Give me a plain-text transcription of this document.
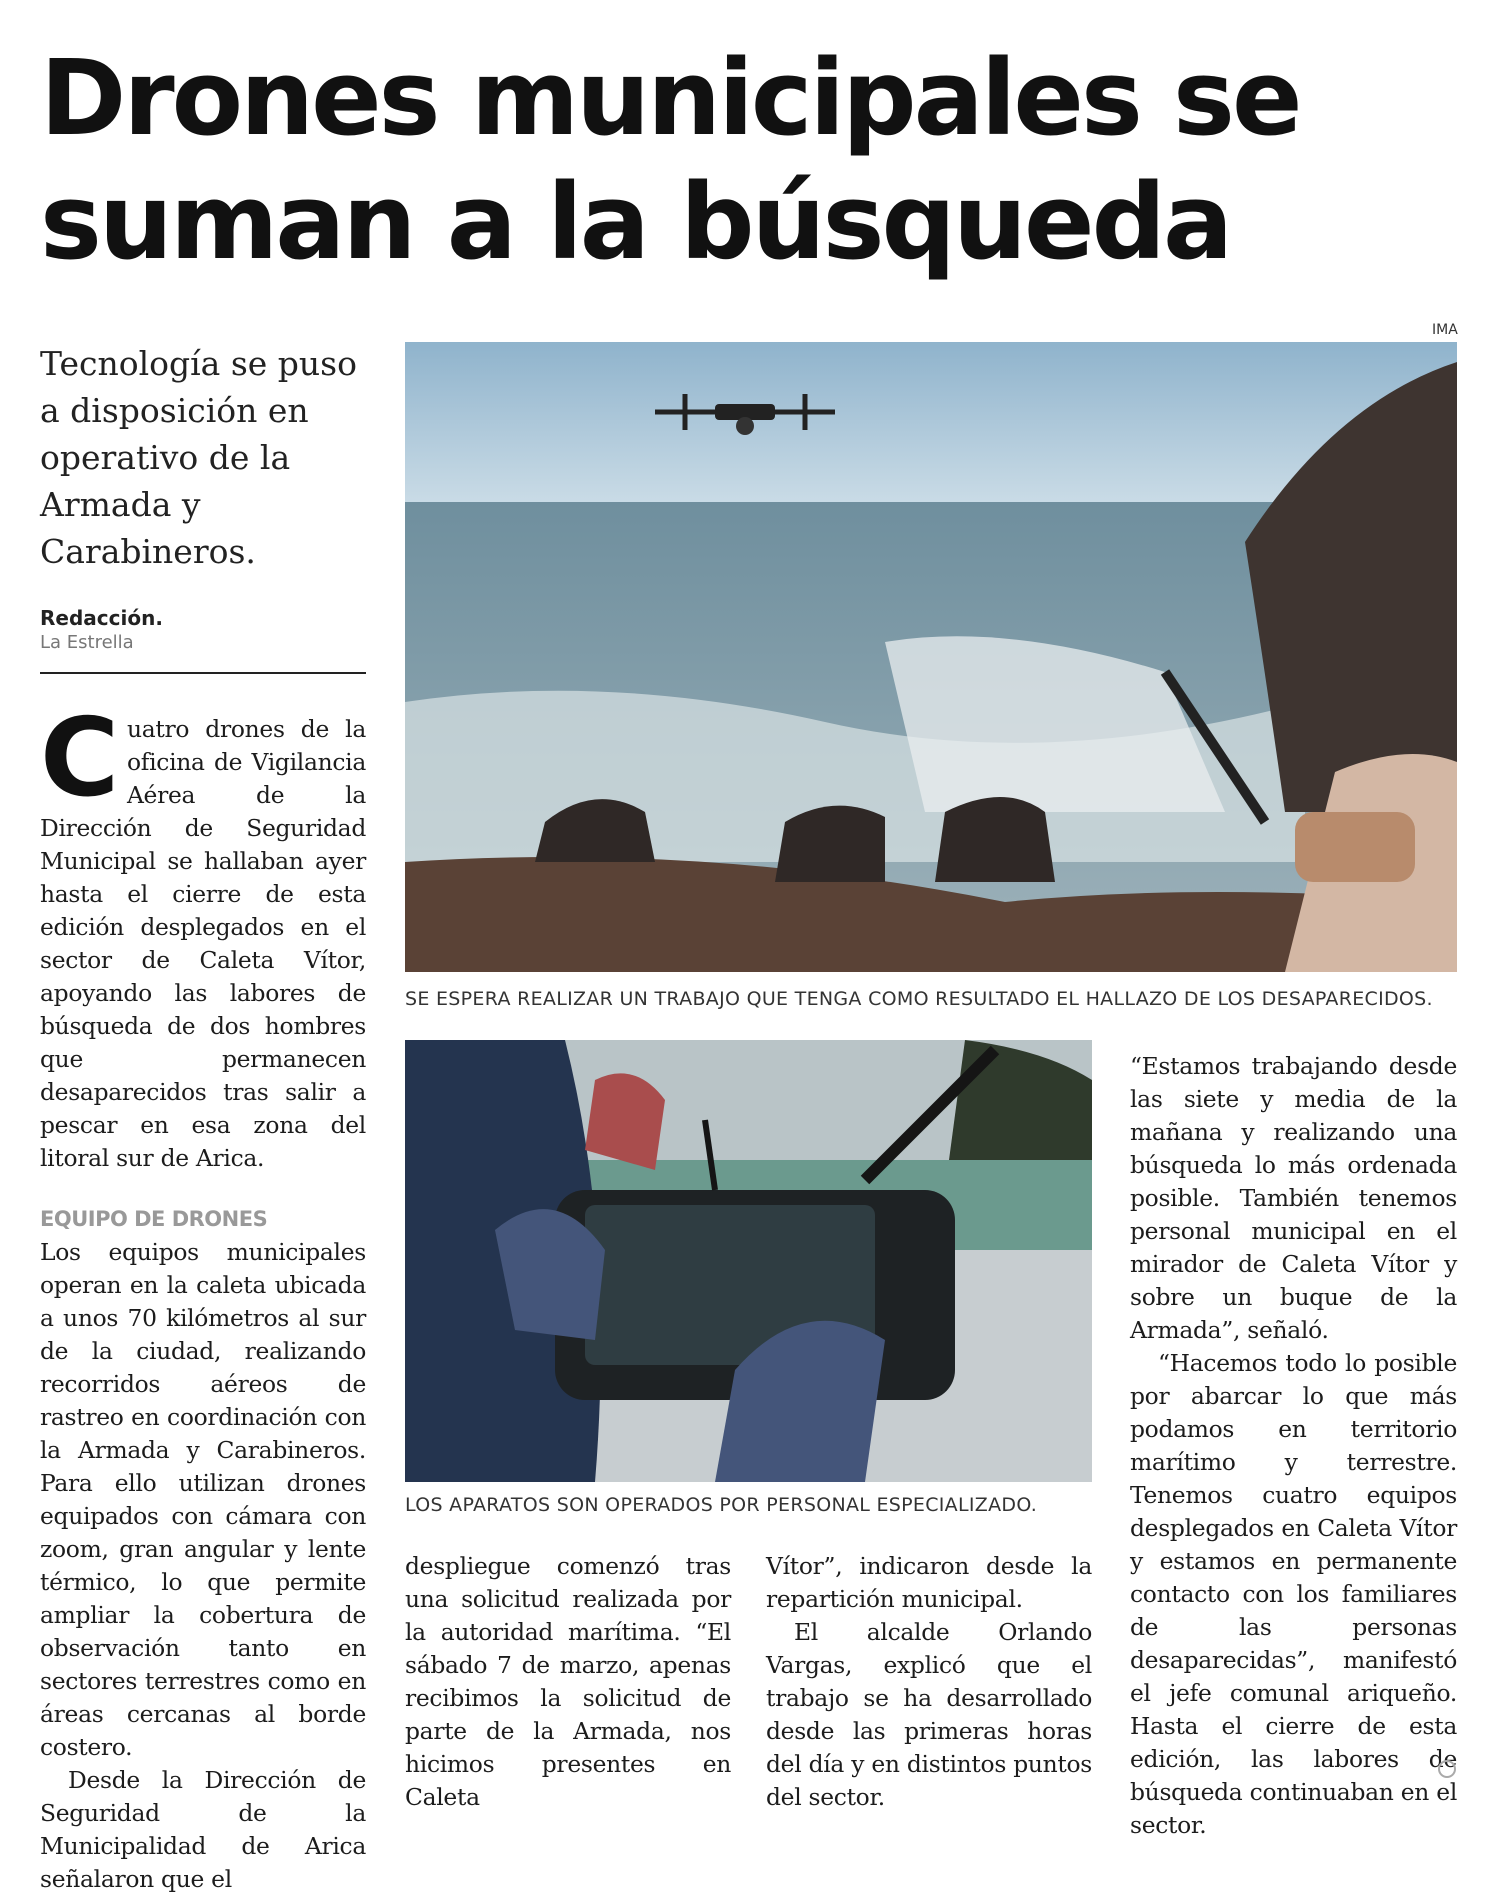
Drones municipales se
suman a la búsqueda
IMA

Tecnología se puso a disposición en operativo de la Armada y Carabineros.

Redacción.
La Estrella
SE ESPERA REALIZAR UN TRABAJO QUE TENGA COMO RESULTADO EL HALLAZO DE LOS DESAPARECIDOS.
LOS APARATOS SON OPERADOS POR PERSONAL ESPECIALIZADO.

Cuatro drones de la oficina de Vigilancia Aérea de la Dirección de Seguridad Municipal se hallaban ayer hasta el cierre de esta edición desplegados en el sector de Caleta Vítor, apoyando las labores de búsqueda de dos hombres que permanecen desaparecidos tras salir a pescar en esa zona del litoral sur de Arica.

EQUIPO DE DRONES

Los equipos municipales operan en la caleta ubicada a unos 70 kilómetros al sur de la ciudad, realizando recorridos aéreos de rastreo en coordinación con la Armada y Carabineros. Para ello utilizan drones equipados con cámara con zoom, gran angular y lente térmico, lo que permite ampliar la cobertura de observación tanto en sectores terrestres como en áreas cercanas al borde costero.

Desde la Dirección de Seguridad de la Municipalidad de Arica señalaron que el

despliegue comenzó tras una solicitud realizada por la autoridad marítima. “El sábado 7 de marzo, apenas recibimos la solicitud de parte de la Armada, nos hicimos presentes en Caleta

Vítor”, indicaron desde la repartición municipal.

El alcalde Orlando Vargas, explicó que el trabajo se ha desarrollado desde las primeras horas del día y en distintos puntos del sector.

“Estamos trabajando desde las siete y media de la mañana y realizando una búsqueda lo más ordenada posible. También tenemos personal municipal en el mirador de Caleta Vítor y sobre un buque de la Armada”, señaló.

“Hacemos todo lo posible por abarcar lo que más podamos en territorio marítimo y terrestre. Tenemos cuatro equipos desplegados en Caleta Vítor y estamos en permanente contacto con los familiares de las personas desaparecidas”, manifestó el jefe comunal ariqueño. Hasta el cierre de esta edición, las labores de búsqueda continuaban en el sector.
